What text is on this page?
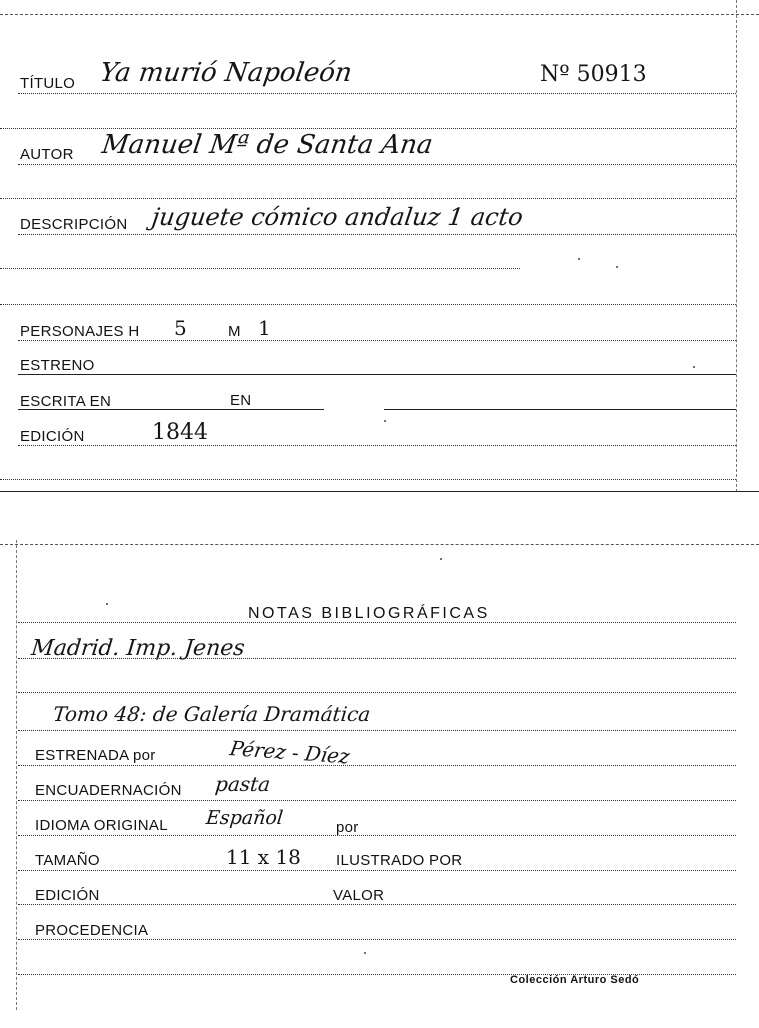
TÍTULO Ya murió Napoleón	Nº 50913
AUTOR Manuel Mª de Santa Ana
DESCRIPCIÓN juguete cómico andaluz 1 acto
PERSONAJES H 5	M 1
ESTRENO
ESCRITA EN	EN
EDICIÓN	1844
NOTAS BIBLIOGRÁFICAS
Madrid. Imp. Jenes
Tomo 48: de Galería Dramática
ESTRENADA por	Pérez - Díez
ENCUADERNACIÓN pasta
IDIOMA ORIGINAL Español	por
TAMAÑO	11 x 18 ILUSTRADO POR
EDICIÓN	VALOR
PROCEDENCIA
Colección Arturo Sedó
